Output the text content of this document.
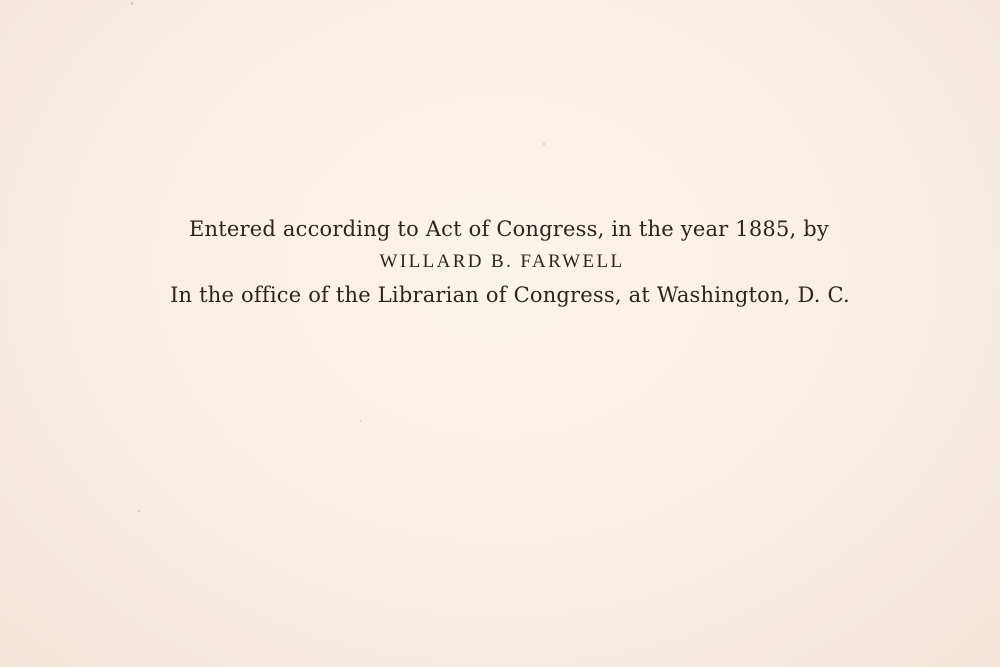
Entered according to Act of Congress, in the year 1885, by
WILLARD B. FARWELL
In the office of the Librarian of Congress, at Washington, D. C.
